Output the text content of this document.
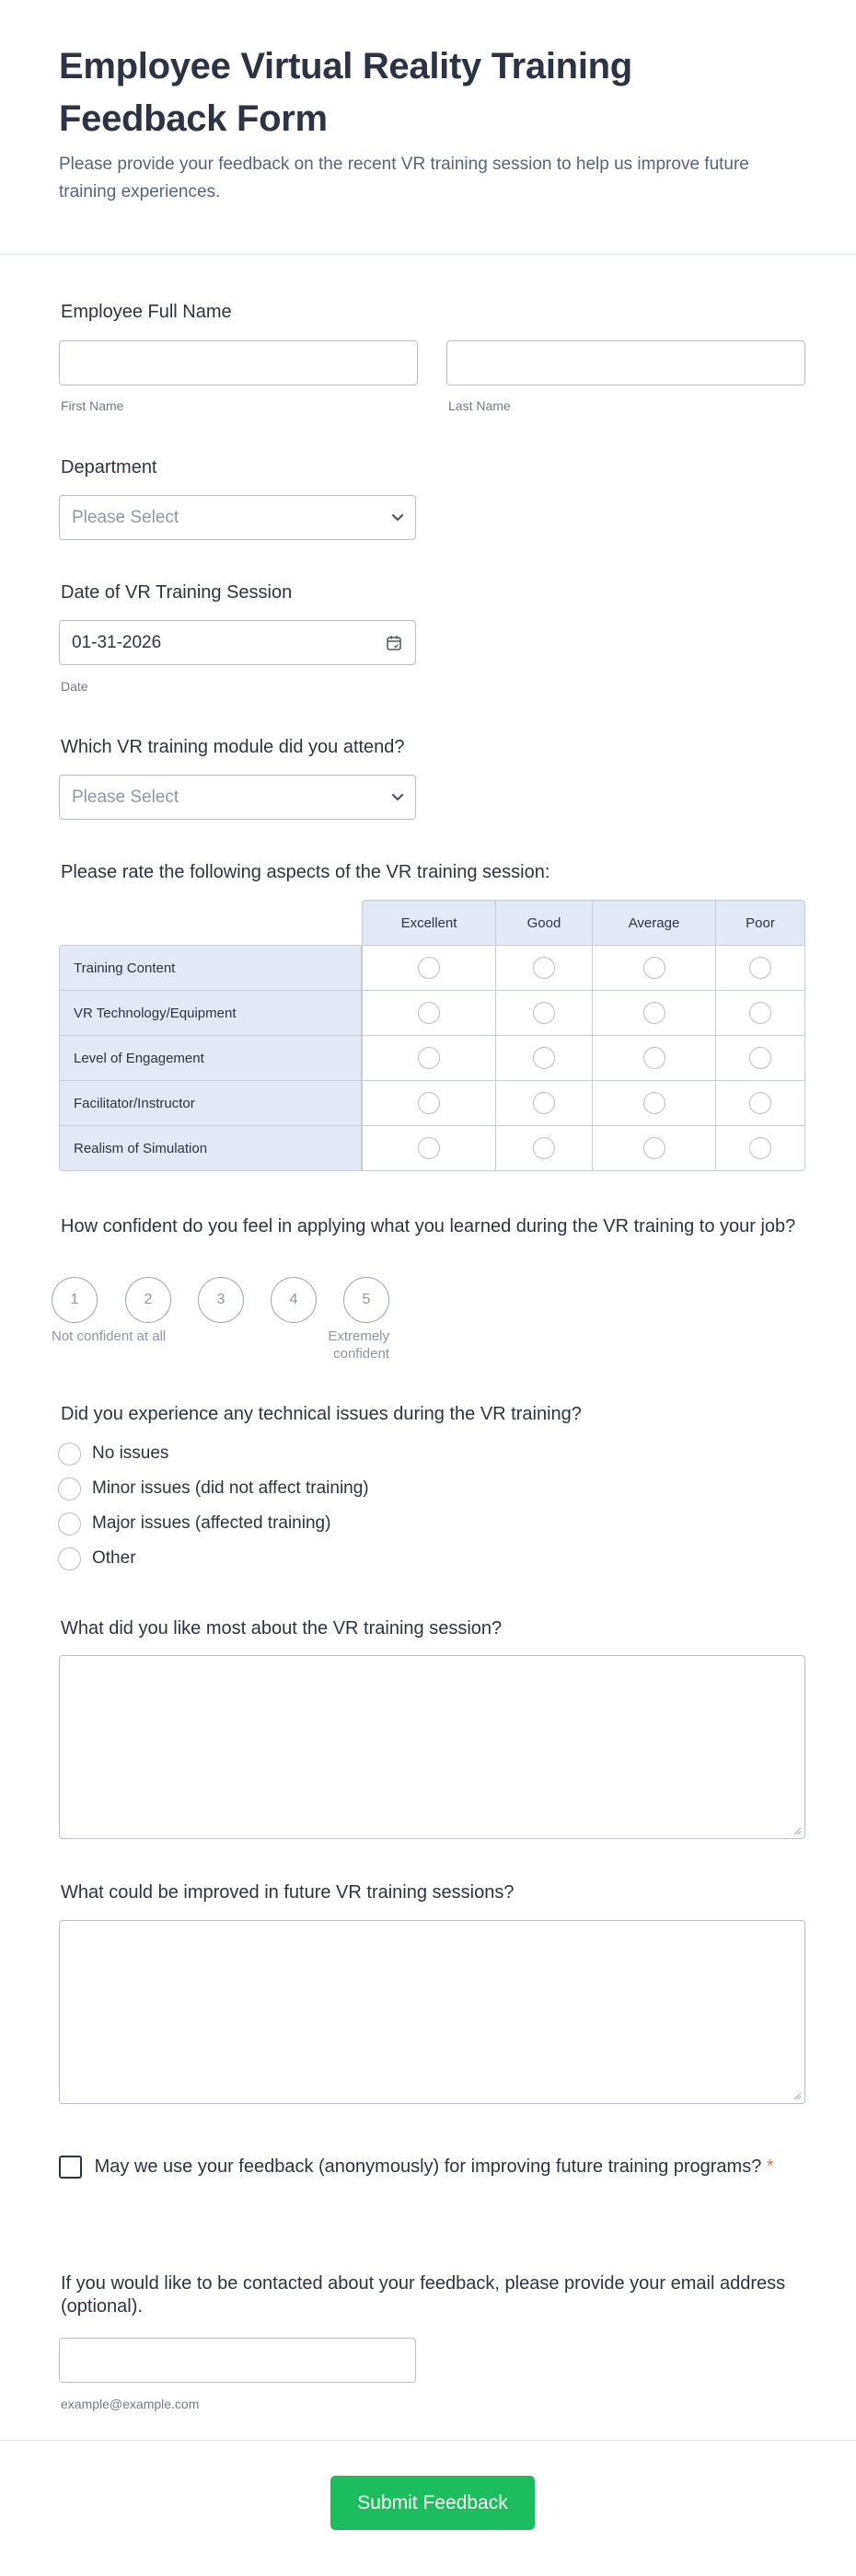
Employee Virtual Reality Training Feedback Form

Please provide your feedback on the recent VR training session to help us improve future training experiences.

Employee Full Name
First Name	Last Name
Department
Please Select
Date of VR Training Session
01-31-2026
Date
Which VR training module did you attend?
Please Select
Please rate the following aspects of the VR training session:
Excellent	Good	Average	Poor
Training Content
VR Technology/Equipment
Level of Engagement
Facilitator/Instructor
Realism of Simulation
How confident do you feel in applying what you learned during the VR training to your job?
1	2	3	4	5
Not confident at all	Extremely confident
Did you experience any technical issues during the VR training?
No issues
Minor issues (did not affect training)
Major issues (affected training)
Other
What did you like most about the VR training session?
What could be improved in future VR training sessions?
May we use your feedback (anonymously) for improving future training programs? *
If you would like to be contacted about your feedback, please provide your email address (optional).
example@example.com
Submit Feedback
